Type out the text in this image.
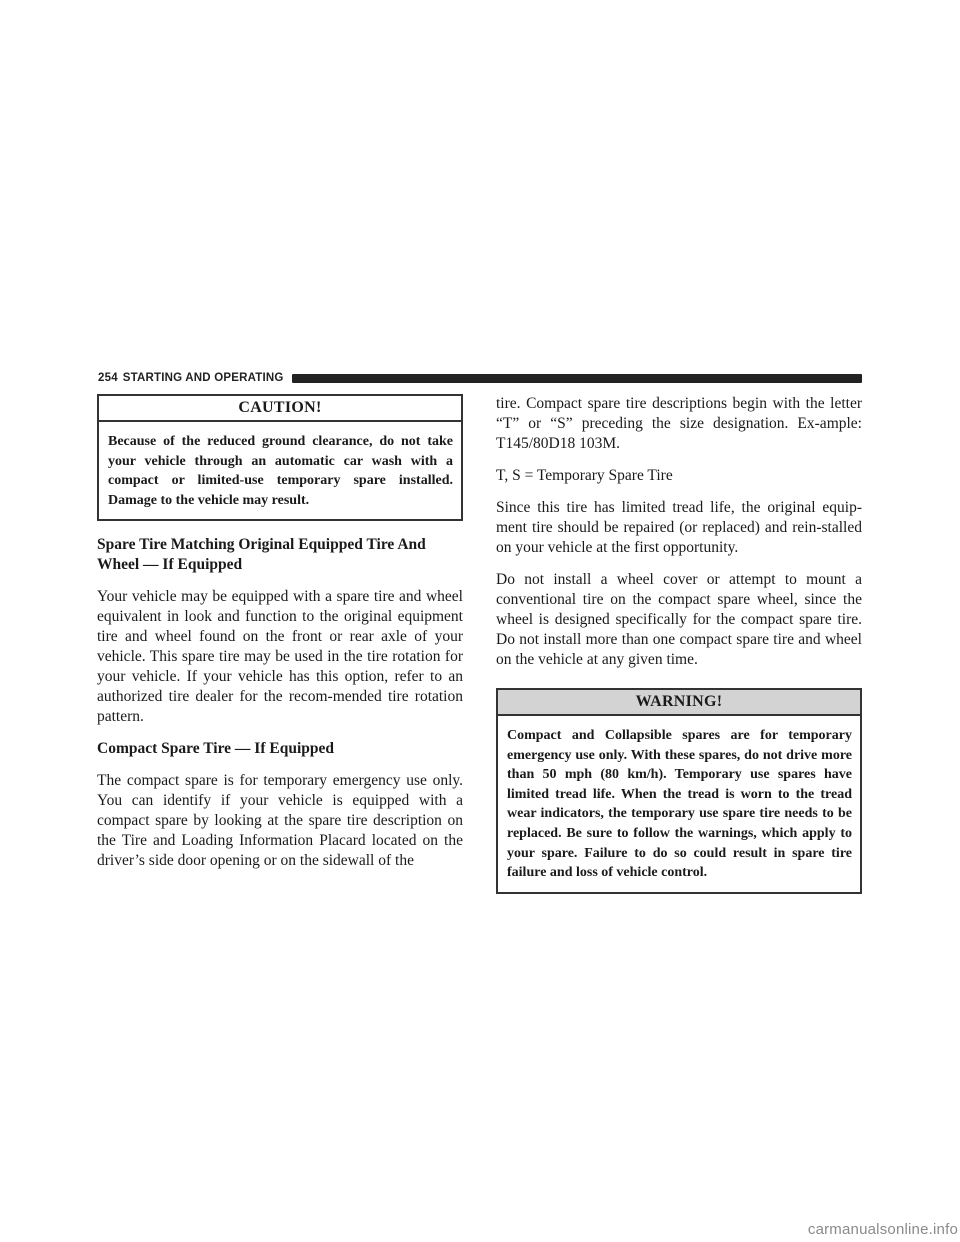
254 STARTING AND OPERATING
CAUTION!
Because of the reduced ground clearance, do not take your vehicle through an automatic car wash with a compact or limited-use temporary spare installed. Damage to the vehicle may result.
Spare Tire Matching Original Equipped Tire And Wheel — If Equipped

Your vehicle may be equipped with a spare tire and wheel equivalent in look and function to the original equipment tire and wheel found on the front or rear axle of your vehicle. This spare tire may be used in the tire rotation for your vehicle. If your vehicle has this option, refer to an authorized tire dealer for the recom-mended tire rotation pattern.

Compact Spare Tire — If Equipped

The compact spare is for temporary emergency use only. You can identify if your vehicle is equipped with a compact spare by looking at the spare tire description on the Tire and Loading Information Placard located on the driver’s side door opening or on the sidewall of the

tire. Compact spare tire descriptions begin with the letter “T” or “S” preceding the size designation. Ex-ample: T145/80D18 103M.

T, S = Temporary Spare Tire

Since this tire has limited tread life, the original equip-ment tire should be repaired (or replaced) and rein-stalled on your vehicle at the first opportunity.

Do not install a wheel cover or attempt to mount a conventional tire on the compact spare wheel, since the wheel is designed specifically for the compact spare tire. Do not install more than one compact spare tire and wheel on the vehicle at any given time.

WARNING!
Compact and Collapsible spares are for temporary emergency use only. With these spares, do not drive more than 50 mph (80 km/h). Temporary use spares have limited tread life. When the tread is worn to the tread wear indicators, the temporary use spare tire needs to be replaced. Be sure to follow the warnings, which apply to your spare. Failure to do so could result in spare tire failure and loss of vehicle control.
carmanualsonline.info
